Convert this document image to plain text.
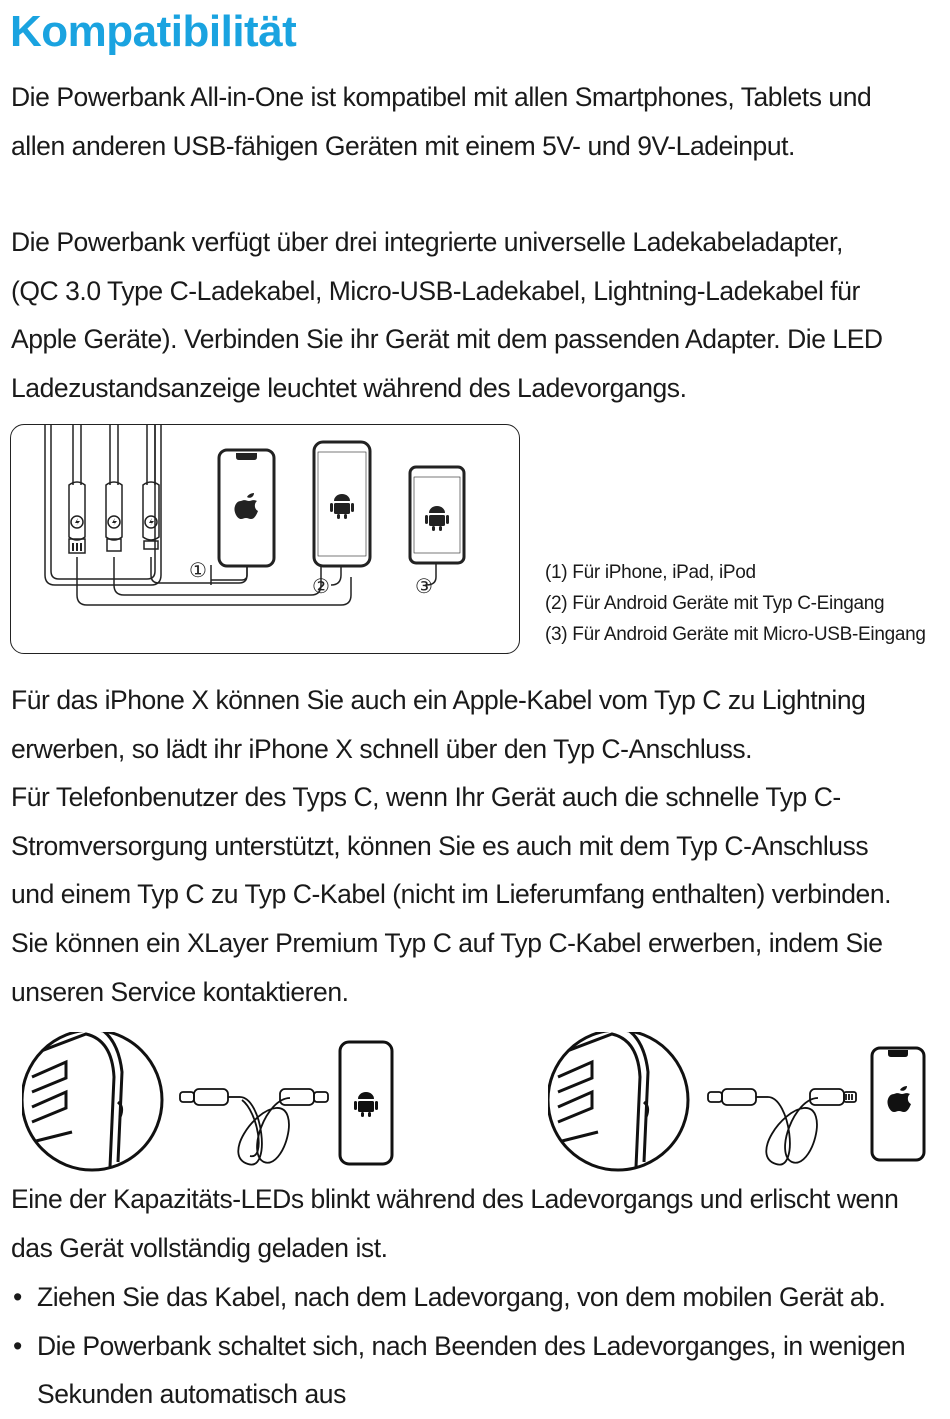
Kompatibilität

Die Powerbank All-in-One ist kompatibel mit allen Smartphones, Tablets und
allen anderen USB-fähigen Geräten mit einem 5V- und 9V-Ladeinput.

Die Powerbank verfügt über drei integrierte universelle Ladekabeladapter,
(QC 3.0 Type C-Ladekabel, Micro-USB-Ladekabel, Lightning-Ladekabel für
Apple Geräte). Verbinden Sie ihr Gerät mit dem passenden Adapter. Die LED
Ladezustandsanzeige leuchtet während des Ladevorgangs.

①
②	③
(1) Für iPhone, iPad, iPod
(2) Für Android Geräte mit Typ C-Eingang
(3) Für Android Geräte mit Micro-USB-Eingang

Für das iPhone X können Sie auch ein Apple-Kabel vom Typ C zu Lightning
erwerben, so lädt ihr iPhone X schnell über den Typ C-Anschluss.
Für Telefonbenutzer des Typs C, wenn Ihr Gerät auch die schnelle Typ C-
Stromversorgung unterstützt, können Sie es auch mit dem Typ C-Anschluss
und einem Typ C zu Typ C-Kabel (nicht im Lieferumfang enthalten) verbinden.
Sie können ein XLayer Premium Typ C auf Typ C-Kabel erwerben, indem Sie
unseren Service kontaktieren.

Eine der Kapazitäts-LEDs blinkt während des Ladevorgangs und erlischt wenn
das Gerät vollständig geladen ist.

• Ziehen Sie das Kabel, nach dem Ladevorgang, von dem mobilen Gerät ab.
• Die Powerbank schaltet sich, nach Beenden des Ladevorganges, in wenigen
Sekunden automatisch aus
